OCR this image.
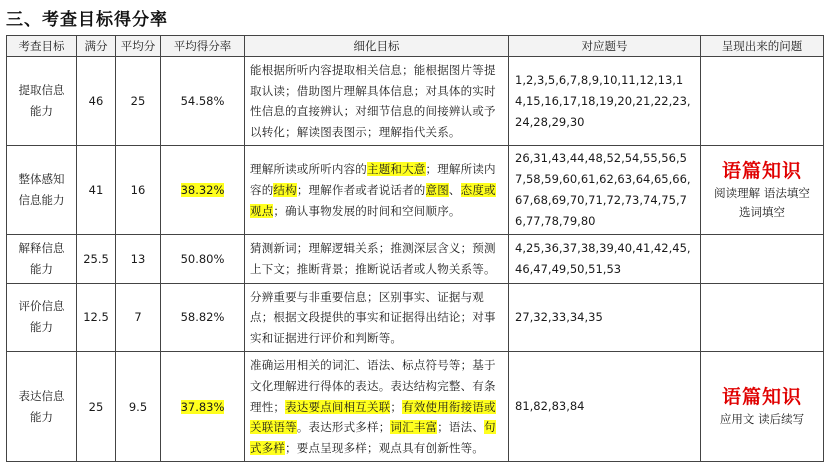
三、考查目标得分率
考查目标	满分	平均分	平均得分率	细化目标	对应题号	呈现出来的问题
提取信息
能力	46	25	54.58%	能根据所听内容提取相关信息；能根据图片等提取认读；借助图片理解具体信息；对具体的实时性信息的直接辨认；对细节信息的间接辨认或予以转化；解读图表图示；理解指代关系。	1,2,3,5,6,7,8,9,10,11,12,13,14,15,16,17,18,19,20,21,22,23,24,28,29,30	
整体感知
信息能力	41	16	38.32%	理解所读或所听内容的主题和大意；理解所读内容的结构；理解作者或者说话者的意图、态度或观点；确认事物发展的时间和空间顺序。	26,31,43,44,48,52,54,55,56,57,58,59,60,61,62,63,64,65,66,67,68,69,70,71,72,73,74,75,76,77,78,79,80	语篇知识
阅读理解 语法填空
选词填空

解释信息
能力	25.5	13	50.80%	猜测新词；理解逻辑关系；推测深层含义；预测上下文；推断背景；推断说话者或人物关系等。	4,25,36,37,38,39,40,41,42,45,46,47,49,50,51,53	
评价信息
能力	12.5	7	58.82%	分辨重要与非重要信息；区别事实、证据与观点；根据文段提供的事实和证据得出结论；对事实和证据进行评价和判断等。	27,32,33,34,35	
表达信息
能力	25	9.5	37.83%	准确运用相关的词汇、语法、标点符号等；基于文化理解进行得体的表达。表达结构完整、有条理性；表达要点间相互关联；有效使用衔接语或关联语等。表达形式多样；词汇丰富；语法、句式多样；要点呈现多样；观点具有创新性等。	81,82,83,84	语篇知识
应用文 读后续写
